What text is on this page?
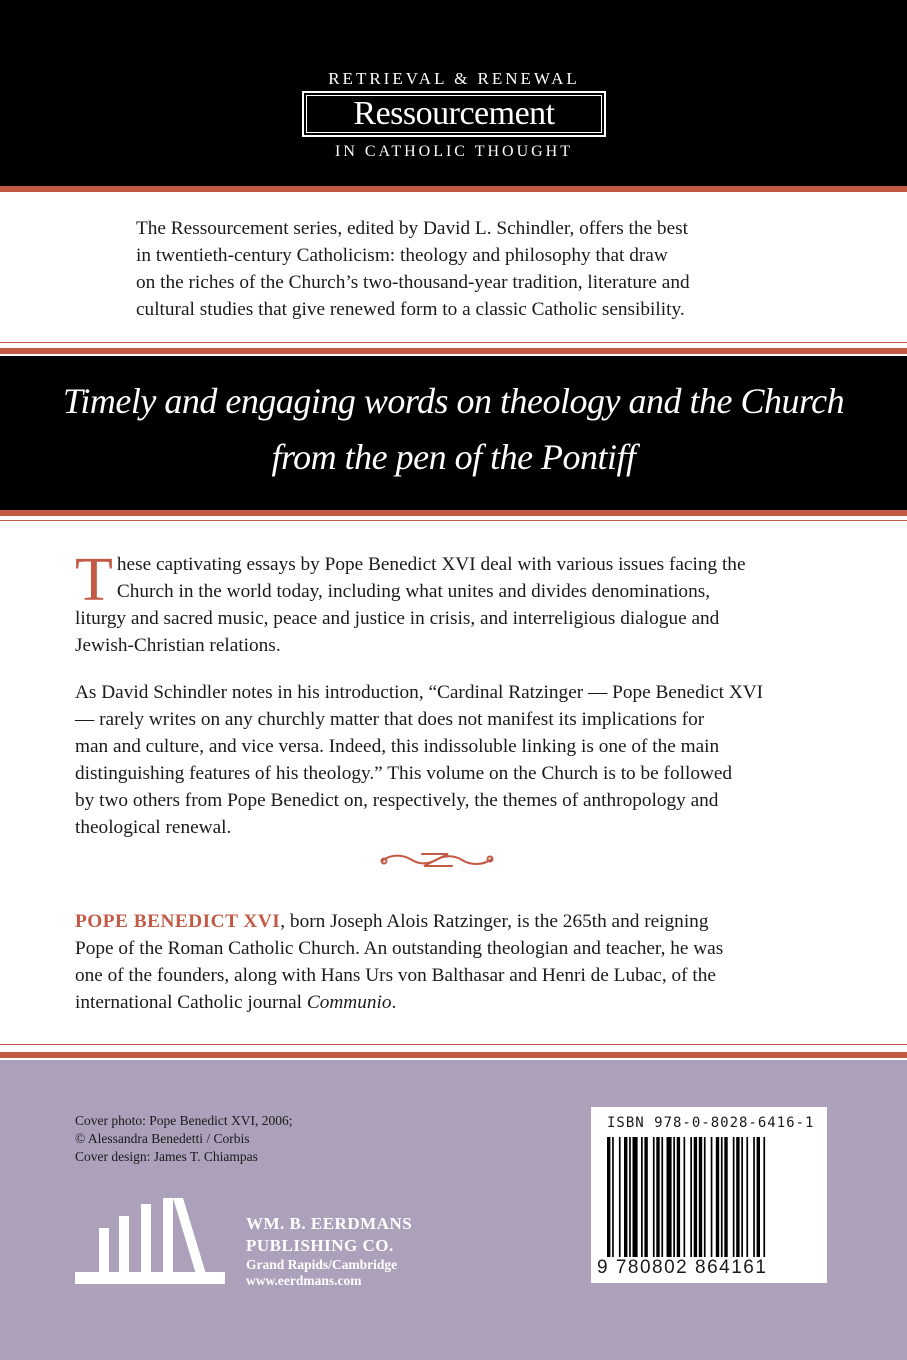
RETRIEVAL & RENEWAL
Ressourcement
IN CATHOLIC THOUGHT
The Ressourcement series, edited by David L. Schindler, offers the best
in twentieth-century Catholicism: theology and philosophy that draw
on the riches of the Church’s two-thousand-year tradition, literature and
cultural studies that give renewed form to a classic Catholic sensibility.
Timely and engaging words on theology and the Church
from the pen of the Pontiff
T hese captivating essays by Pope Benedict XVI deal with various issues facing the
Church in the world today, including what unites and divides denominations,
liturgy and sacred music, peace and justice in crisis, and interreligious dialogue and
Jewish-Christian relations.
As David Schindler notes in his introduction, “Cardinal Ratzinger — Pope Benedict XVI
— rarely writes on any churchly matter that does not manifest its implications for
man and culture, and vice versa. Indeed, this indissoluble linking is one of the main
distinguishing features of his theology.” This volume on the Church is to be followed
by two others from Pope Benedict on, respectively, the themes of anthropology and
theological renewal.
POPE BENEDICT XVI, born Joseph Alois Ratzinger, is the 265th and reigning
Pope of the Roman Catholic Church. An outstanding theologian and teacher, he was
one of the founders, along with Hans Urs von Balthasar and Henri de Lubac, of the
international Catholic journal Communio.
Cover photo: Pope Benedict XVI, 2006;
© Alessandra Benedetti / Corbis
Cover design: James T. Chiampas
WM. B. EERDMANS
PUBLISHING CO.
Grand Rapids/Cambridge
www.eerdmans.com
ISBN 978-0-8028-6416-1
9 780802 864161
